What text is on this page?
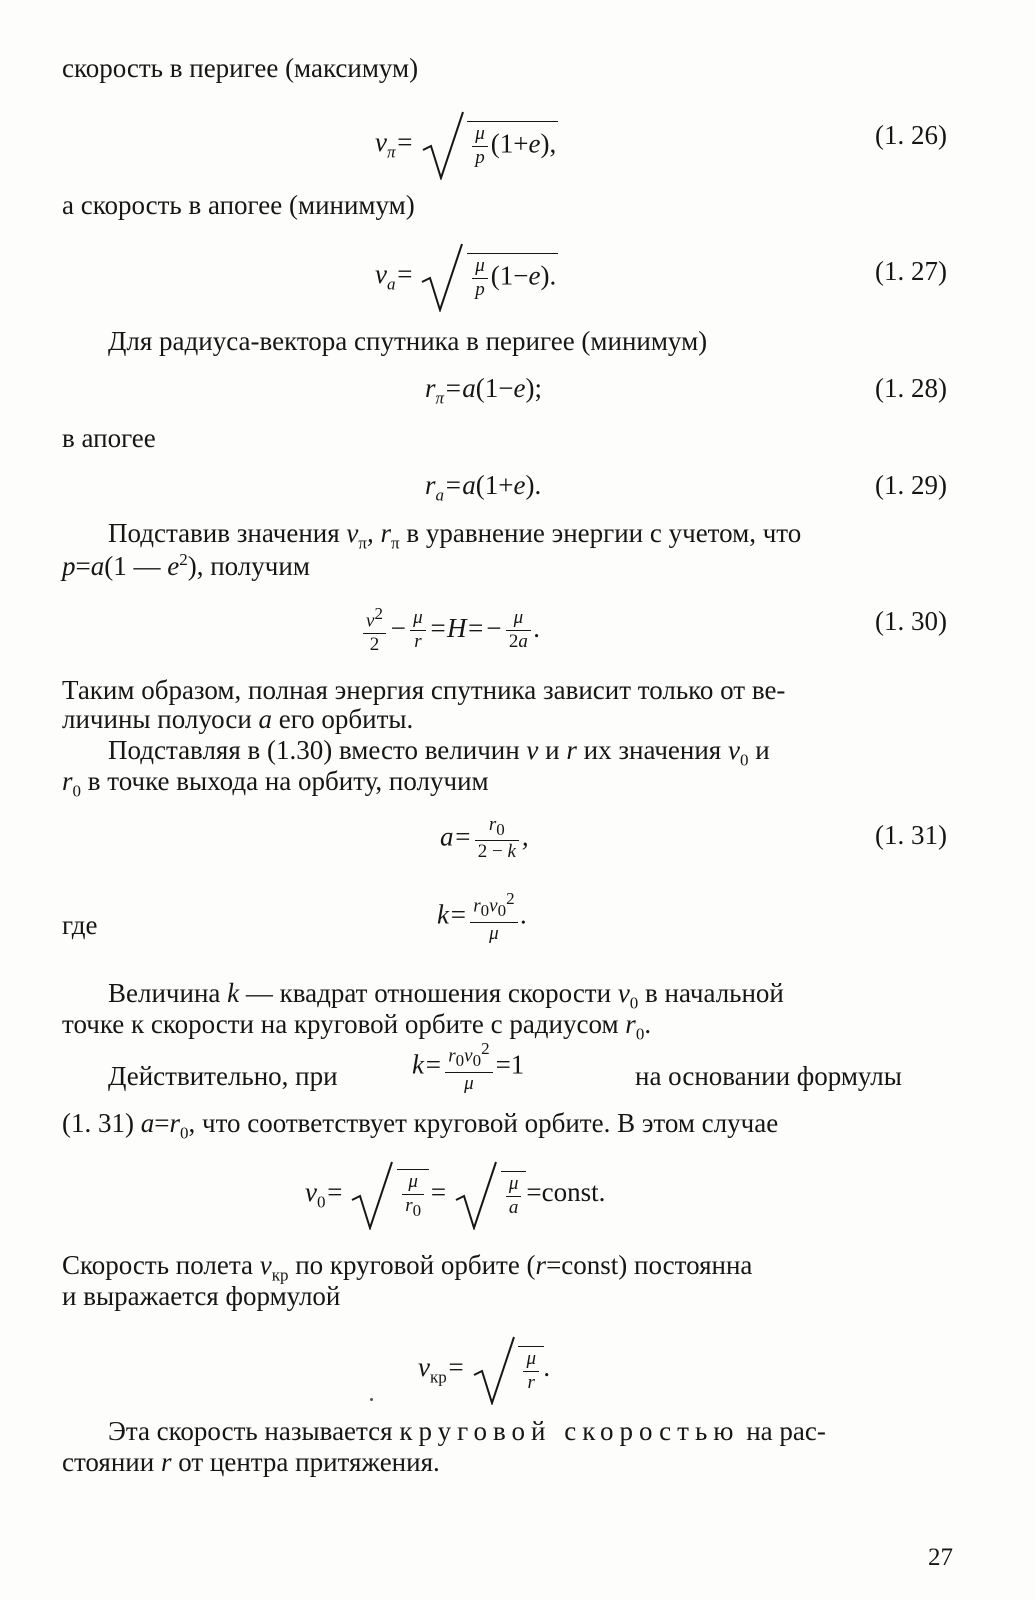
скорость в перигее (максимум)
$v_\pi=$	$\frac{\mu}{p} (1+e)$,	(1. 26)
а скорость в апогее (минимум)
$v_a=$	$\frac{\mu}{p} (1-e)$.	(1. 27)
Для радиуса-вектора спутника в перигее (минимум)
$r_\pi=a(1-e)$;	(1. 28)
в апогее
$r_a=a(1+e)$.	(1. 29)
Подставив значения $v_\pi$, $r_\pi$ в уравнение энергии с учетом, что
p=a(1 — $e^2$), получим
$\frac{v^2}{2} - \frac{\mu}{r} =H=- \frac{\mu}{2a}$ .	(1. 30)
Таким образом, полная энергия спутника зависит только от ве-
личины полуоси a его орбиты.
Подставляя в (1.30) вместо величин v и r их значения $v_0$ и
$r_0$ в точке выхода на орбиту, получим
$a= \frac{r_0}{2 - k}$ ,	(1. 31)
где	$k= \frac{r_0v_0^2}{\mu}$ .
Величина k — квадрат отношения скорости $v_0$ в начальной
точке к скорости на круговой орбите с радиусом $r_0$.
Действительно, при	$k= \frac{r_0v_0^2}{\mu} =1$	на основании формулы
(1. 31) $a=r_0$, что соответствует круговой орбите. В этом случае
$v_0=$	$\frac{\mu}{r_0}$ =	$\frac{\mu}{a}$ =const.
Скорость полета $v_{кр}$ по круговой орбите (r=const) постоянна
и выражается формулой
$v_{кр}=$	$\frac{\mu}{r}$ .
Эта скорость называется круговой скоростью на рас-
стоянии r от центра притяжения.
27
